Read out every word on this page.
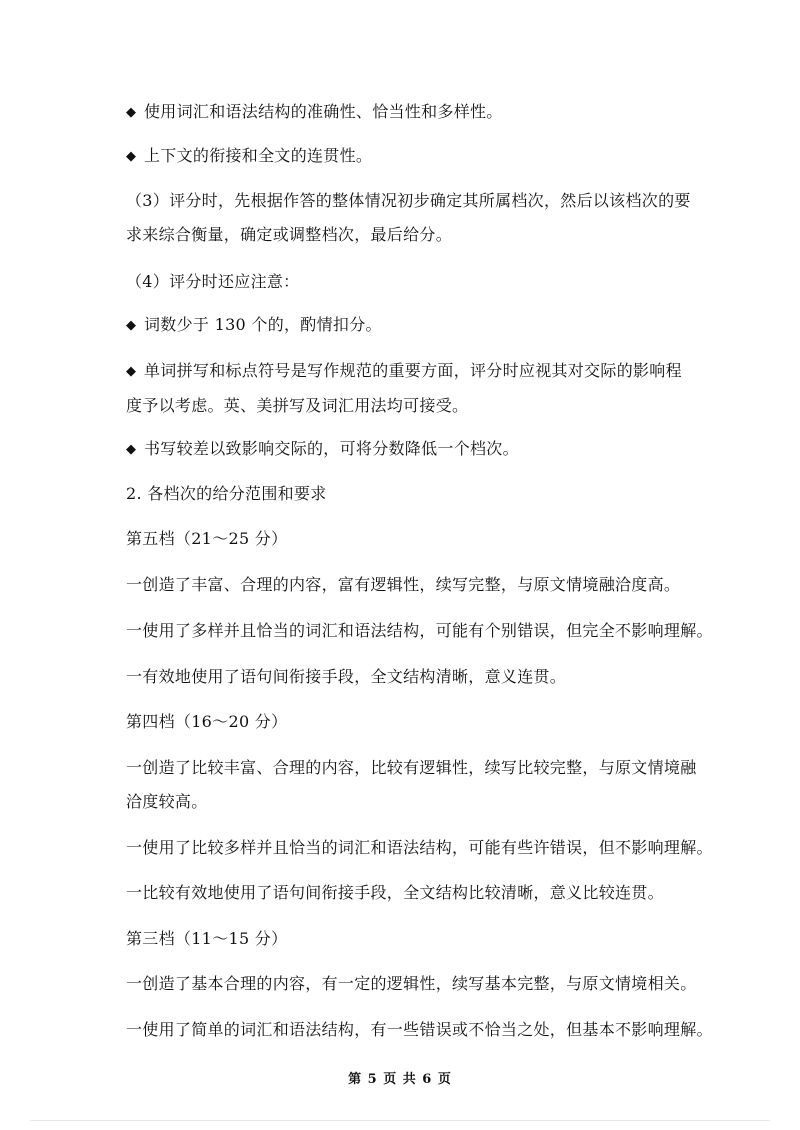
◆ 使用词汇和语法结构的准确性、恰当性和多样性。
◆ 上下文的衔接和全文的连贯性。
（3）评分时，先根据作答的整体情况初步确定其所属档次，然后以该档次的要
求来综合衡量，确定或调整档次，最后给分。
（4）评分时还应注意：
◆ 词数少于 130 个的，酌情扣分。
◆ 单词拼写和标点符号是写作规范的重要方面，评分时应视其对交际的影响程
度予以考虑。英、美拼写及词汇用法均可接受。
◆ 书写较差以致影响交际的，可将分数降低一个档次。
2. 各档次的给分范围和要求
第五档（21～25 分）
一创造了丰富、合理的内容，富有逻辑性，续写完整，与原文情境融洽度高。
一使用了多样并且恰当的词汇和语法结构，可能有个别错误，但完全不影响理解。
一有效地使用了语句间衔接手段，全文结构清晰，意义连贯。
第四档（16～20 分）
一创造了比较丰富、合理的内容，比较有逻辑性，续写比较完整，与原文情境融
洽度较高。
一使用了比较多样并且恰当的词汇和语法结构，可能有些许错误，但不影响理解。
一比较有效地使用了语句间衔接手段，全文结构比较清晰，意义比较连贯。
第三档（11～15 分）
一创造了基本合理的内容，有一定的逻辑性，续写基本完整，与原文情境相关。
一使用了简单的词汇和语法结构，有一些错误或不恰当之处，但基本不影响理解。
第 5 页 共 6 页
